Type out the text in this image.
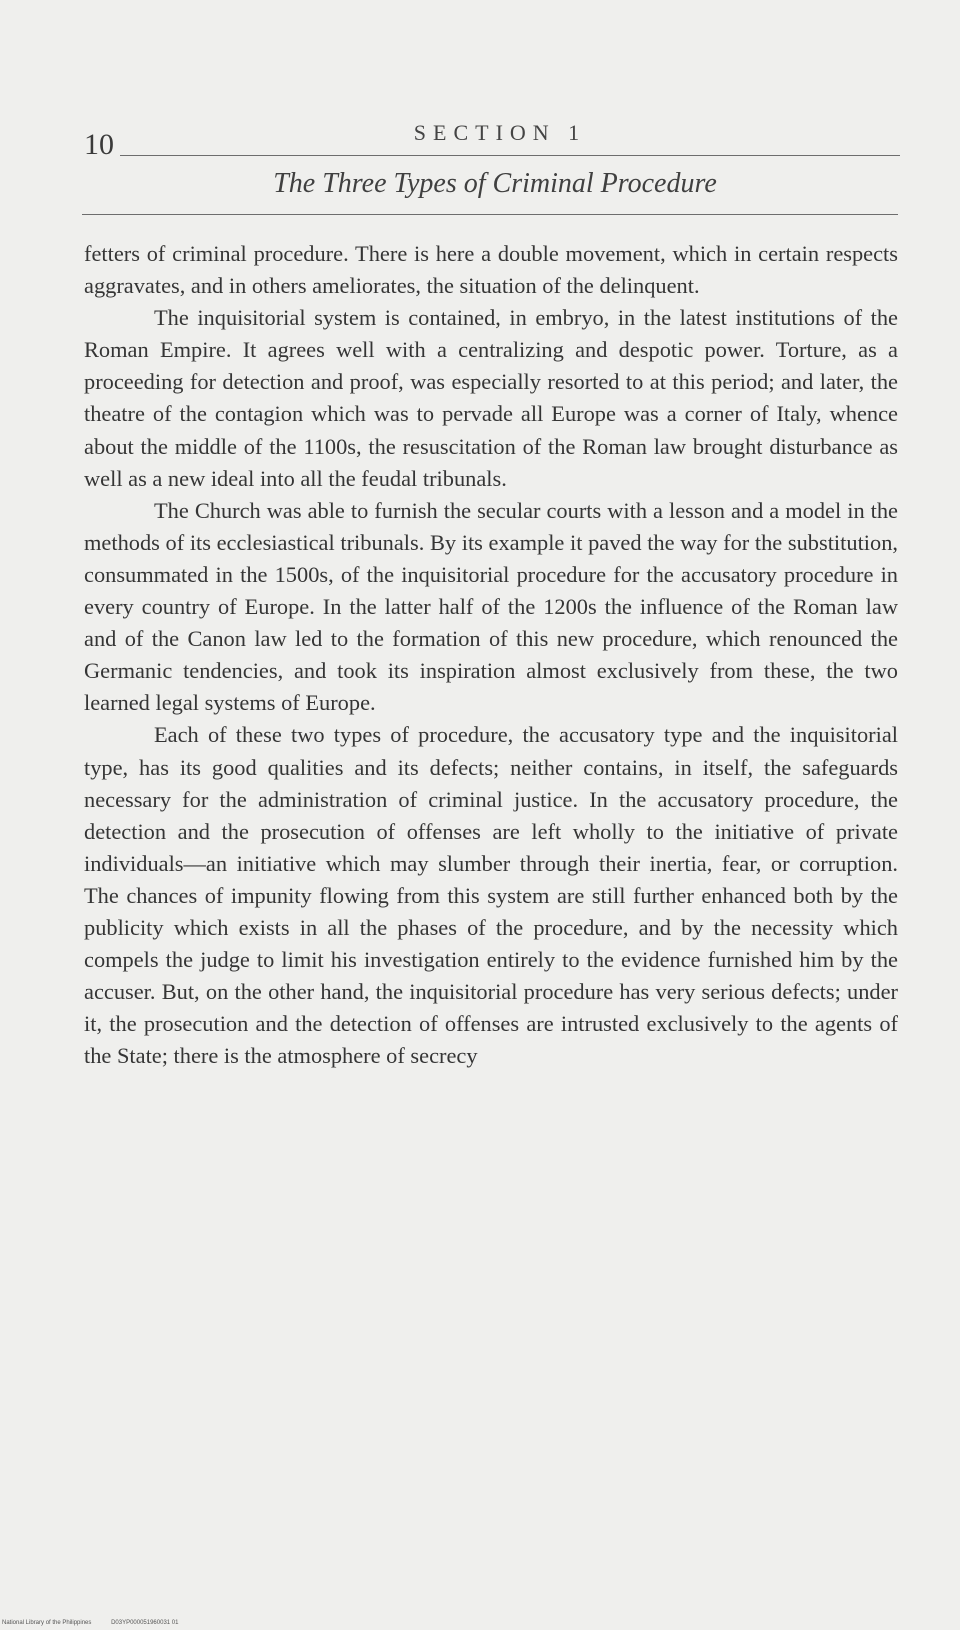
10	SECTION 1
The Three Types of Criminal Procedure

fetters of criminal procedure. There is here a double movement, which in certain respects aggravates, and in others ameliorates, the situation of the delinquent.

The inquisitorial system is contained, in embryo, in the latest institutions of the Roman Empire. It agrees well with a centralizing and despotic power. Torture, as a proceeding for detection and proof, was especially resorted to at this period; and later, the theatre of the contagion which was to pervade all Europe was a corner of Italy, whence about the middle of the 1100s, the resuscitation of the Roman law brought disturbance as well as a new ideal into all the feudal tribunals.

The Church was able to furnish the secular courts with a lesson and a model in the methods of its ecclesiastical tribunals. By its example it paved the way for the substitution, consummated in the 1500s, of the inquisitorial procedure for the accusatory procedure in every country of Europe. In the latter half of the 1200s the influence of the Roman law and of the Canon law led to the formation of this new procedure, which renounced the Germanic tendencies, and took its inspiration almost exclusively from these, the two learned legal systems of Europe.

Each of these two types of procedure, the accusatory type and the inquisitorial type, has its good qualities and its defects; neither contains, in itself, the safeguards necessary for the administration of criminal justice. In the accusatory procedure, the detection and the prosecution of offenses are left wholly to the initiative of private individuals—an initiative which may slumber through their inertia, fear, or corruption. The chances of impunity flowing from this system are still further enhanced both by the publicity which exists in all the phases of the procedure, and by the necessity which compels the judge to limit his investigation entirely to the evidence furnished him by the accuser. But, on the other hand, the inquisitorial procedure has very serious defects; under it, the prosecution and the detection of offenses are intrusted exclusively to the agents of the State; there is the atmosphere of secrecy

National Library of the Philippines	D03YP000051960031 01
